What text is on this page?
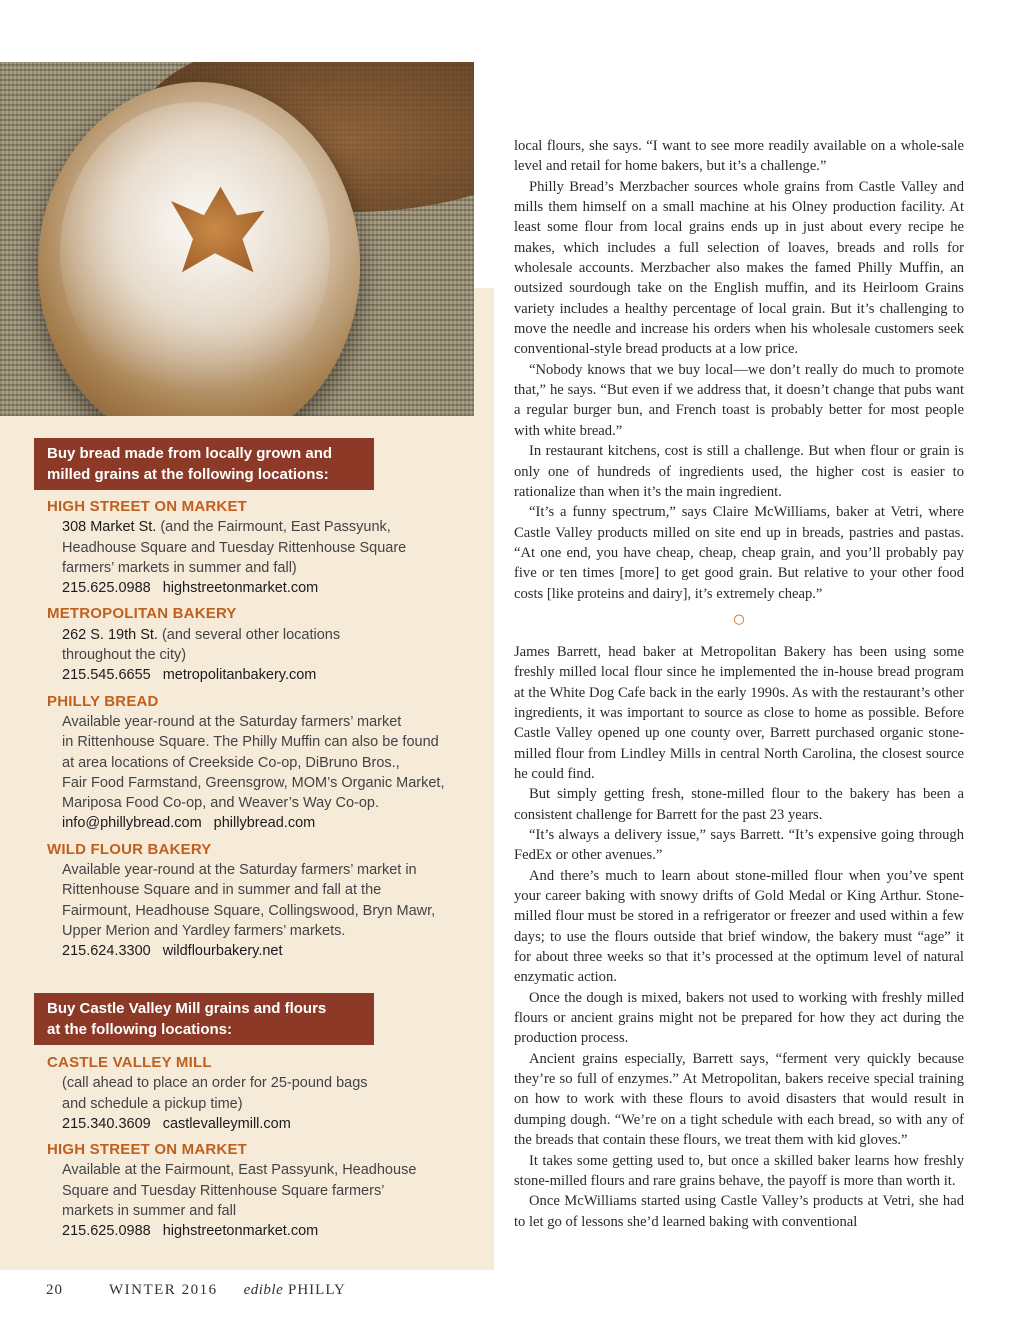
Buy bread made from locally grown and
milled grains at the following locations:
HIGH STREET ON MARKET
308 Market St. (and the Fairmount, East Passyunk,
Headhouse Square and Tuesday Rittenhouse Square
farmers’ markets in summer and fall)
215.625.0988 highstreetonmarket.com
METROPOLITAN BAKERY
262 S. 19th St. (and several other locations
throughout the city)
215.545.6655 metropolitanbakery.com
PHILLY BREAD
Available year-round at the Saturday farmers’ market
in Rittenhouse Square. The Philly Muffin can also be found
at area locations of Creekside Co-op, DiBruno Bros.,
Fair Food Farmstand, Greensgrow, MOM’s Organic Market,
Mariposa Food Co-op, and Weaver’s Way Co-op.
info@phillybread.com phillybread.com
WILD FLOUR BAKERY
Available year-round at the Saturday farmers’ market in
Rittenhouse Square and in summer and fall at the
Fairmount, Headhouse Square, Collingswood, Bryn Mawr,
Upper Merion and Yardley farmers’ markets.
215.624.3300 wildflourbakery.net
Buy Castle Valley Mill grains and flours
at the following locations:
CASTLE VALLEY MILL
(call ahead to place an order for 25-pound bags
and schedule a pickup time)
215.340.3609 castlevalleymill.com
HIGH STREET ON MARKET
Available at the Fairmount, East Passyunk, Headhouse
Square and Tuesday Rittenhouse Square farmers’
markets in summer and fall
215.625.0988 highstreetonmarket.com

local flours, she says. “I want to see more readily available on a whole-sale level and retail for home bakers, but it’s a challenge.”

Philly Bread’s Merzbacher sources whole grains from Castle Valley and mills them himself on a small machine at his Olney production facility. At least some flour from local grains ends up in just about every recipe he makes, which includes a full selection of loaves, breads and rolls for wholesale accounts. Merzbacher also makes the famed Philly Muffin, an outsized sourdough take on the English muffin, and its Heirloom Grains variety includes a healthy percentage of local grain. But it’s challenging to move the needle and increase his orders when his wholesale customers seek conventional-style bread products at a low price.

“Nobody knows that we buy local—we don’t really do much to promote that,” he says. “But even if we address that, it doesn’t change that pubs want a regular burger bun, and French toast is probably better for most people with white bread.”

In restaurant kitchens, cost is still a challenge. But when flour or grain is only one of hundreds of ingredients used, the higher cost is easier to rationalize than when it’s the main ingredient.

“It’s a funny spectrum,” says Claire McWilliams, baker at Vetri, where Castle Valley products milled on site end up in breads, pastries and pastas. “At one end, you have cheap, cheap, cheap grain, and you’ll probably pay five or ten times [more] to get good grain. But relative to your other food costs [like proteins and dairy], it’s extremely cheap.”

○

James Barrett, head baker at Metropolitan Bakery has been using some freshly milled local flour since he implemented the in-house bread program at the White Dog Cafe back in the early 1990s. As with the restaurant’s other ingredients, it was important to source as close to home as possible. Before Castle Valley opened up one county over, Barrett purchased organic stone-milled flour from Lindley Mills in central North Carolina, the closest source he could find.

But simply getting fresh, stone-milled flour to the bakery has been a consistent challenge for Barrett for the past 23 years.

“It’s always a delivery issue,” says Barrett. “It’s expensive going through FedEx or other avenues.”

And there’s much to learn about stone-milled flour when you’ve spent your career baking with snowy drifts of Gold Medal or King Arthur. Stone-milled flour must be stored in a refrigerator or freezer and used within a few days; to use the flours outside that brief window, the bakery must “age” it for about three weeks so that it’s processed at the optimum level of natural enzymatic action.

Once the dough is mixed, bakers not used to working with freshly milled flours or ancient grains might not be prepared for how they act during the production process.

Ancient grains especially, Barrett says, “ferment very quickly because they’re so full of enzymes.” At Metropolitan, bakers receive special training on how to work with these flours to avoid disasters that would result in dumping dough. “We’re on a tight schedule with each bread, so with any of the breads that contain these flours, we treat them with kid gloves.”

It takes some getting used to, but once a skilled baker learns how freshly stone-milled flours and rare grains behave, the payoff is more than worth it.

Once McWilliams started using Castle Valley’s products at Vetri, she had to let go of lessons she’d learned baking with conventional

20	WINTER 2016 edible PHILLY
